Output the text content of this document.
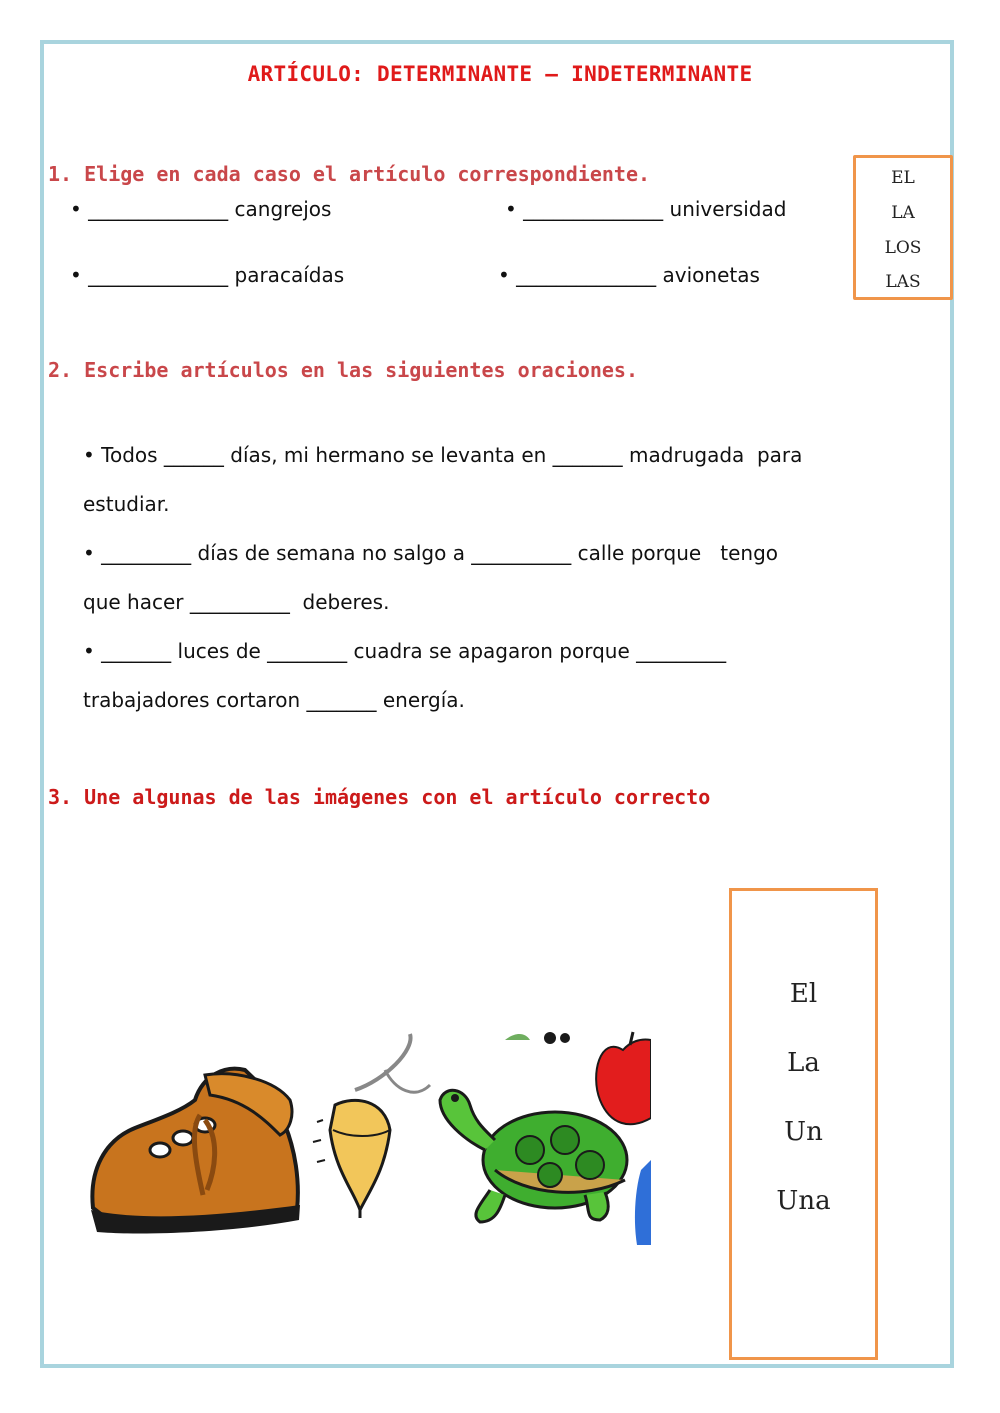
ARTÍCULO: DETERMINANTE – INDETERMINANTE
1. Elige en cada caso el artículo correspondiente.
• ______________ cangrejos	• ______________ universidad
• ______________ paracaídas	• ______________ avionetas
EL
LA
LOS
LAS
2. Escribe artículos en las siguientes oraciones.
• Todos ______ días, mi hermano se levanta en _______ madrugada  para
estudiar.
• _________ días de semana no salgo a __________ calle porque   tengo
que hacer __________  deberes.
• _______ luces de ________ cuadra se apagaron porque _________
trabajadores cortaron _______ energía.
3. Une algunas de las imágenes con el artículo correcto
El
La
Un
Una
